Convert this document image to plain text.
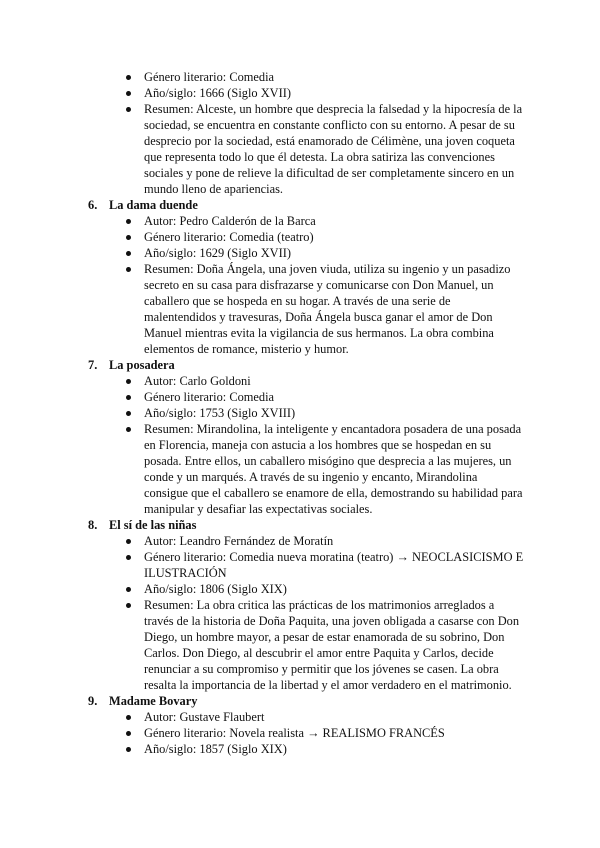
Género literario: Comedia
Año/siglo: 1666 (Siglo XVII)
Resumen: Alceste, un hombre que desprecia la falsedad y la hipocresía de la sociedad, se encuentra en constante conflicto con su entorno. A pesar de su desprecio por la sociedad, está enamorado de Célimène, una joven coqueta que representa todo lo que él detesta. La obra satiriza las convenciones sociales y pone de relieve la dificultad de ser completamente sincero en un mundo lleno de apariencias.
6. La dama duende
Autor: Pedro Calderón de la Barca
Género literario: Comedia (teatro)
Año/siglo: 1629 (Siglo XVII)
Resumen: Doña Ángela, una joven viuda, utiliza su ingenio y un pasadizo secreto en su casa para disfrazarse y comunicarse con Don Manuel, un caballero que se hospeda en su hogar. A través de una serie de malentendidos y travesuras, Doña Ángela busca ganar el amor de Don Manuel mientras evita la vigilancia de sus hermanos. La obra combina elementos de romance, misterio y humor.
7. La posadera
Autor: Carlo Goldoni
Género literario: Comedia
Año/siglo: 1753 (Siglo XVIII)
Resumen: Mirandolina, la inteligente y encantadora posadera de una posada en Florencia, maneja con astucia a los hombres que se hospedan en su posada. Entre ellos, un caballero misógino que desprecia a las mujeres, un conde y un marqués. A través de su ingenio y encanto, Mirandolina consigue que el caballero se enamore de ella, demostrando su habilidad para manipular y desafiar las expectativas sociales.
8. El sí de las niñas
Autor: Leandro Fernández de Moratín
Género literario: Comedia nueva moratina (teatro) → NEOCLASICISMO E ILUSTRACIÓN
Año/siglo: 1806 (Siglo XIX)
Resumen: La obra critica las prácticas de los matrimonios arreglados a través de la historia de Doña Paquita, una joven obligada a casarse con Don Diego, un hombre mayor, a pesar de estar enamorada de su sobrino, Don Carlos. Don Diego, al descubrir el amor entre Paquita y Carlos, decide renunciar a su compromiso y permitir que los jóvenes se casen. La obra resalta la importancia de la libertad y el amor verdadero en el matrimonio.
9. Madame Bovary
Autor: Gustave Flaubert
Género literario: Novela realista → REALISMO FRANCÉS
Año/siglo: 1857 (Siglo XIX)
